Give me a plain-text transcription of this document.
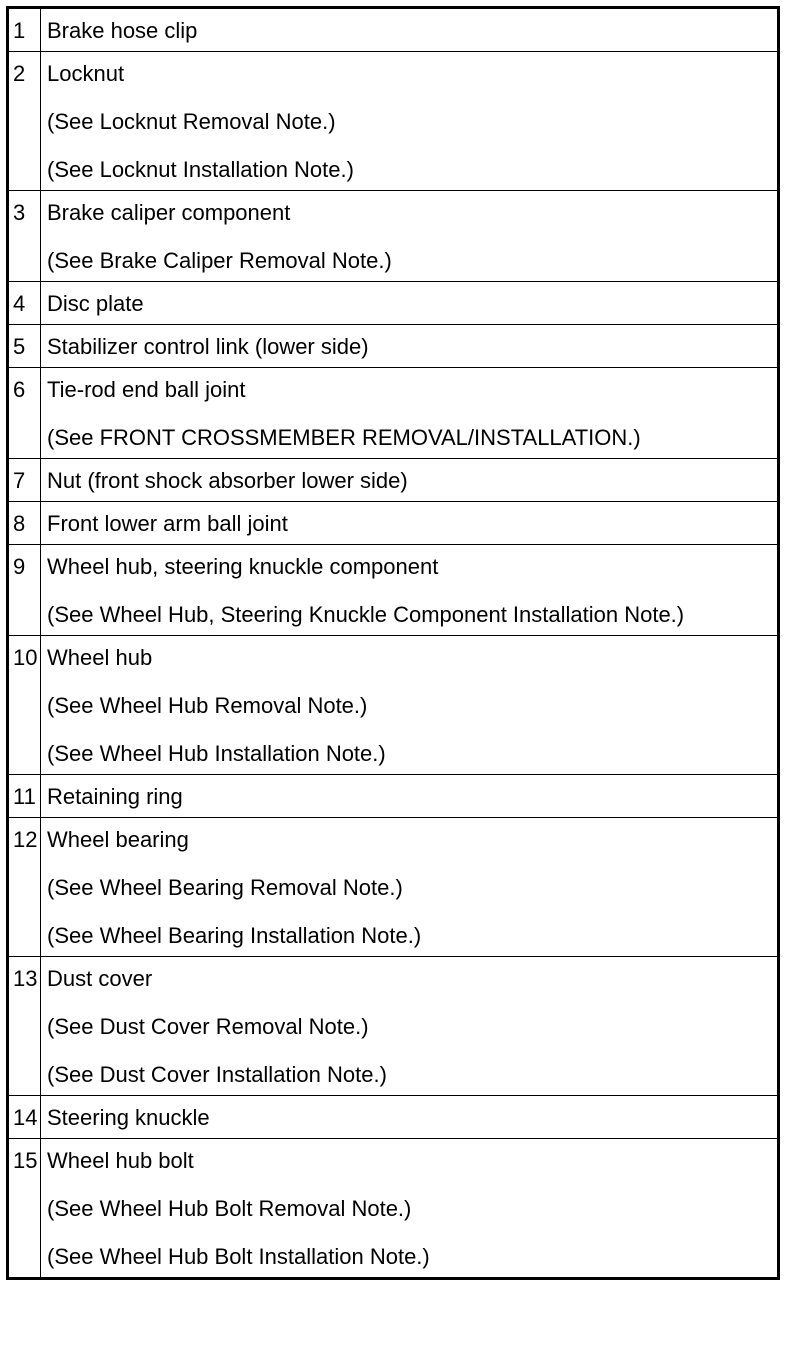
1	Brake hose clip

2	Locknut
(See Locknut Removal Note.)
(See Locknut Installation Note.)

3	Brake caliper component
(See Brake Caliper Removal Note.)

4	Disc plate

5	Stabilizer control link (lower side)

6	Tie-rod end ball joint
(See FRONT CROSSMEMBER REMOVAL/INSTALLATION.)

7	Nut (front shock absorber lower side)

8	Front lower arm ball joint

9	Wheel hub, steering knuckle component
(See Wheel Hub, Steering Knuckle Component Installation Note.)

10	Wheel hub
(See Wheel Hub Removal Note.)
(See Wheel Hub Installation Note.)

11	Retaining ring

12	Wheel bearing
(See Wheel Bearing Removal Note.)
(See Wheel Bearing Installation Note.)

13	Dust cover
(See Dust Cover Removal Note.)
(See Dust Cover Installation Note.)

14	Steering knuckle

15	Wheel hub bolt
(See Wheel Hub Bolt Removal Note.)
(See Wheel Hub Bolt Installation Note.)
